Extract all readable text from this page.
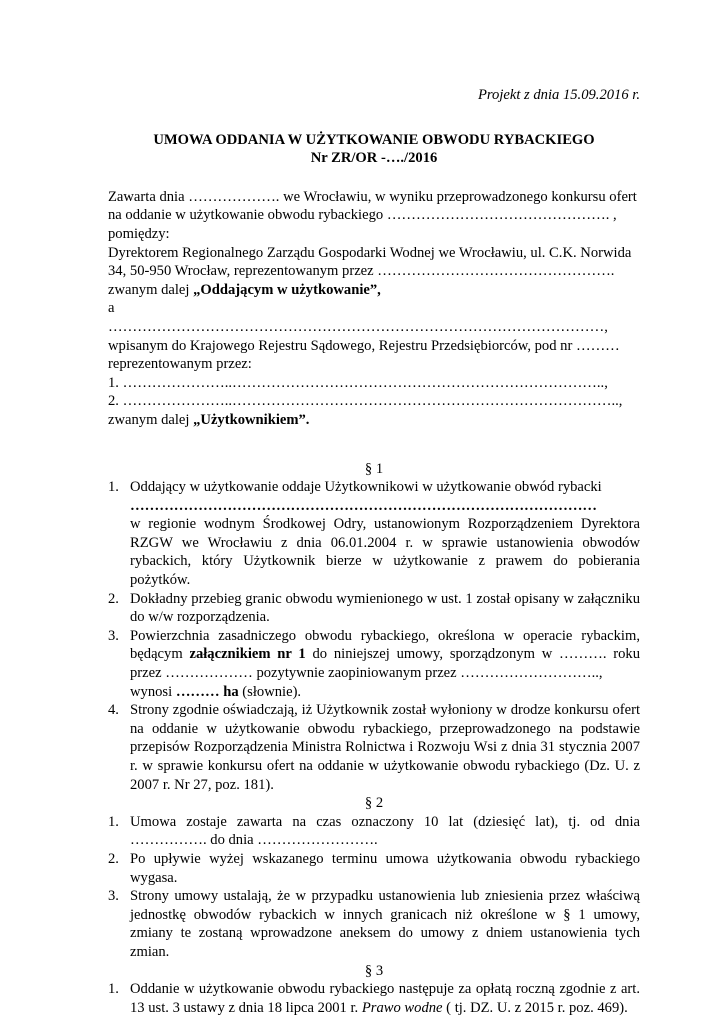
Projekt z dnia 15.09.2016 r.

UMOWA ODDANIA W UŻYTKOWANIE OBWODU RYBACKIEGO

Nr ZR/OR -…./2016

Zawarta dnia ………………. we Wrocławiu, w wyniku przeprowadzonego konkursu ofert

na oddanie w użytkowanie obwodu rybackiego ………………………………………. ,

pomiędzy:

Dyrektorem Regionalnego Zarządu Gospodarki Wodnej we Wrocławiu, ul. C.K. Norwida

34, 50-950 Wrocław, reprezentowanym przez ………………………………………….

zwanym dalej „Oddającym w użytkowanie”,

a

…………………………………………………………………………………………,

wpisanym do Krajowego Rejestru Sądowego, Rejestru Przedsiębiorców, pod nr ………

reprezentowanym przez:

1. …………………..…………………………………………………………………..,

2. …………………..……………………………………………………………………..,

zwanym dalej „Użytkownikiem”.

§ 1

1. Oddający w użytkowanie oddaje Użytkownikowi w użytkowanie obwód rybacki
……………………………………………………………………………………
w regionie wodnym Środkowej Odry, ustanowionym Rozporządzeniem Dyrektora RZGW we Wrocławiu z dnia 06.01.2004 r. w sprawie ustanowienia obwodów rybackich, który Użytkownik bierze w użytkowanie z prawem do pobierania pożytków.
2. Dokładny przebieg granic obwodu wymienionego w ust. 1 został opisany w załączniku do w/w rozporządzenia.
3. Powierzchnia zasadniczego obwodu rybackiego, określona w operacie rybackim, będącym załącznikiem nr 1 do niniejszej umowy, sporządzonym w ………. roku przez ……………… pozytywnie zaopiniowanym przez ………………………..,
wynosi ……… ha (słownie).
4. Strony zgodnie oświadczają, iż Użytkownik został wyłoniony w drodze konkursu ofert na oddanie w użytkowanie obwodu rybackiego, przeprowadzonego na podstawie przepisów Rozporządzenia Ministra Rolnictwa i Rozwoju Wsi z dnia 31 stycznia 2007 r. w sprawie konkursu ofert na oddanie w użytkowanie obwodu rybackiego (Dz. U. z 2007 r. Nr 27, poz. 181).

§ 2

1. Umowa zostaje zawarta na czas oznaczony 10 lat (dziesięć lat), tj. od dnia ……………. do dnia …………………….
2. Po upływie wyżej wskazanego terminu umowa użytkowania obwodu rybackiego wygasa.
3. Strony umowy ustalają, że w przypadku ustanowienia lub zniesienia przez właściwą jednostkę obwodów rybackich w innych granicach niż określone w § 1 umowy, zmiany te zostaną wprowadzone aneksem do umowy z dniem ustanowienia tych zmian.

§ 3

1. Oddanie w użytkowanie obwodu rybackiego następuje za opłatą roczną zgodnie z art. 13 ust. 3 ustawy z dnia 18 lipca 2001 r. Prawo wodne ( tj. DZ. U. z 2015 r. poz. 469).
